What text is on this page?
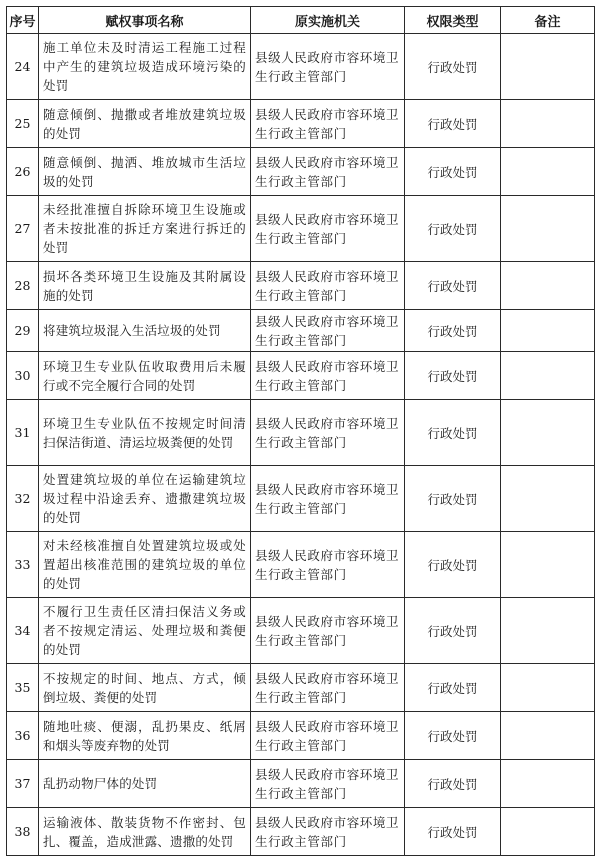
序号	赋权事项名称	原实施机关	权限类型	备注
24	施工单位未及时清运工程施工过程中产生的建筑垃圾造成环境污染的处罚	县级人民政府市容环境卫生行政主管部门	行政处罚	
25	随意倾倒、抛撒或者堆放建筑垃圾的处罚	县级人民政府市容环境卫生行政主管部门	行政处罚	
26	随意倾倒、抛洒、堆放城市生活垃圾的处罚	县级人民政府市容环境卫生行政主管部门	行政处罚	
27	未经批准擅自拆除环境卫生设施或者未按批准的拆迁方案进行拆迁的处罚	县级人民政府市容环境卫生行政主管部门	行政处罚	
28	损坏各类环境卫生设施及其附属设施的处罚	县级人民政府市容环境卫生行政主管部门	行政处罚	
29	将建筑垃圾混入生活垃圾的处罚	县级人民政府市容环境卫生行政主管部门	行政处罚	
30	环境卫生专业队伍收取费用后未履行或不完全履行合同的处罚	县级人民政府市容环境卫生行政主管部门	行政处罚	
31	环境卫生专业队伍不按规定时间清扫保洁街道、清运垃圾粪便的处罚	县级人民政府市容环境卫生行政主管部门	行政处罚	
32	处置建筑垃圾的单位在运输建筑垃圾过程中沿途丢弃、遗撒建筑垃圾的处罚	县级人民政府市容环境卫生行政主管部门	行政处罚	
33	对未经核准擅自处置建筑垃圾或处置超出核准范围的建筑垃圾的单位的处罚	县级人民政府市容环境卫生行政主管部门	行政处罚	
34	不履行卫生责任区清扫保洁义务或者不按规定清运、处理垃圾和粪便的处罚	县级人民政府市容环境卫生行政主管部门	行政处罚	
35	不按规定的时间、地点、方式，倾倒垃圾、粪便的处罚	县级人民政府市容环境卫生行政主管部门	行政处罚	
36	随地吐痰、便溺，乱扔果皮、纸屑和烟头等废弃物的处罚	县级人民政府市容环境卫生行政主管部门	行政处罚	
37	乱扔动物尸体的处罚	县级人民政府市容环境卫生行政主管部门	行政处罚	
38	运输液体、散装货物不作密封、包扎、覆盖，造成泄露、遗撒的处罚	县级人民政府市容环境卫生行政主管部门	行政处罚	
